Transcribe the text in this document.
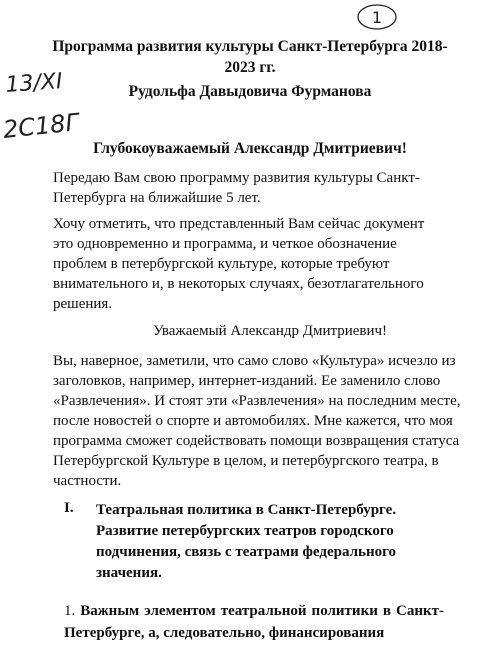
1
13/XI
2C18Г
Программа развития культуры Санкт-Петербурга 2018-2023 гг.
Рудольфа Давыдовича Фурманова
Глубокоуважаемый Александр Дмитриевич!
Передаю Вам свою программу развития культуры Санкт-Петербурга на ближайшие 5 лет.
Хочу отметить, что представленный Вам сейчас документ это одновременно и программа, и четкое обозначение проблем в петербургской культуре, которые требуют внимательного и, в некоторых случаях, безотлагательного решения.
Уважаемый Александр Дмитриевич!
Вы, наверное, заметили, что само слово «Культура» исчезло из заголовков, например, интернет-изданий. Ее заменило слово «Развлечения». И стоят эти «Развлечения» на последним месте, после новостей о спорте и автомобилях. Мне кажется, что моя программа сможет содействовать помощи возвращения статуса Петербургской Культуре в целом, и петербургского театра, в частности.
I. Театральная политика в Санкт-Петербурге. Развитие петербургских театров городского подчинения, связь с театрами федерального значения.
1. Важным элементом театральной политики в Санкт-Петербурге, а, следовательно, финансирования
